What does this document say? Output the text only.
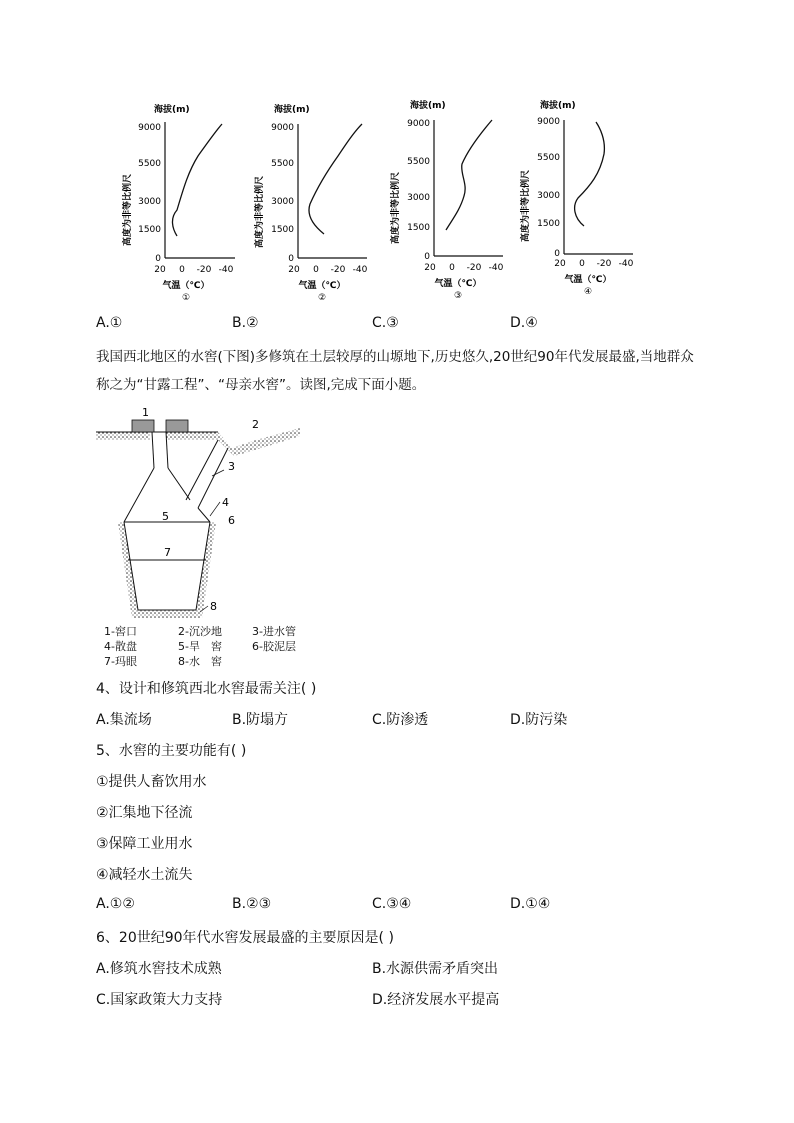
海拔(m)
高度为非等比例尺
9000
5500
3000
1500
0
20 0 -20 -40
气温（℃）
①
海拔(m)
高度为非等比例尺
9000
5500
3000
1500
0
20 0 -20 -40
气温（℃）
②
海拔(m)
高度为非等比例尺
9000
5500
3000
1500
0
20 0 -20 -40
气温（℃）
③
海拔(m)
高度为非等比例尺
9000
5500
3000
1500
0
20 0 -20 -40
气温（℃）
④
A.①	B.②	C.③	D.④
我国西北地区的水窖(下图)多修筑在土层较厚的山塬地下,历史悠久,20世纪90年代发展最盛,当地群众称之为“甘露工程”、“母亲水窖”。读图,完成下面小题。
1
2
3
4
5	6
7
8
1-窖口	2-沉沙地	3-进水管
4-散盘	5-旱　窖	6-胶泥层
7-玛眼	8-水　窖
4、设计和修筑西北水窖最需关注( )
A.集流场	B.防塌方	C.防渗透	D.防污染
5、水窖的主要功能有( )
①提供人畜饮用水
②汇集地下径流
③保障工业用水
④减轻水土流失
A.①②	B.②③	C.③④	D.①④
6、20世纪90年代水窖发展最盛的主要原因是( )
A.修筑水窖技术成熟	B.水源供需矛盾突出
C.国家政策大力支持	D.经济发展水平提高
